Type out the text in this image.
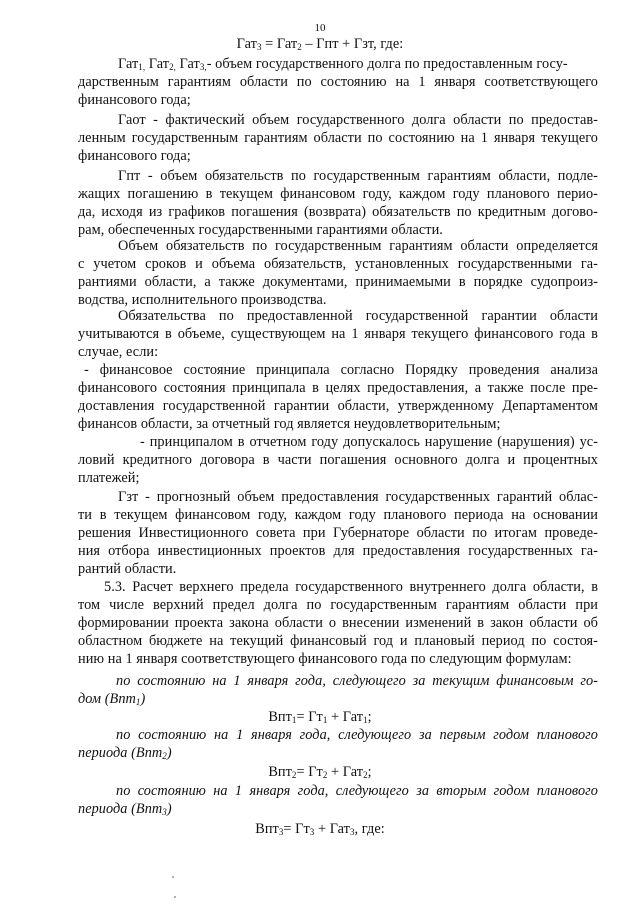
10
Гат$_3$ = Гат$_2$ – Гпт + Гзт, где:
Гат$_{1,}$ Гат$_{2,}$ Гат$_{3,}$- объем государственного долга по предоставленным госу-
дарственным гарантиям области по состоянию на 1 января соответствующего
финансового года;
Гаот - фактический объем государственного долга области по предостав-
ленным государственным гарантиям области по состоянию на 1 января текущего
финансового года;
Гпт - объем обязательств по государственным гарантиям области, подле-
жащих погашению в текущем финансовом году, каждом году планового перио-
да, исходя из графиков погашения (возврата) обязательств по кредитным догово-
рам, обеспеченных государственными гарантиями области.
Объем обязательств по государственным гарантиям области определяется
с учетом сроков и объема обязательств, установленных государственными га-
рантиями области, а также документами, принимаемыми в порядке судопроиз-
водства, исполнительного производства.
Обязательства по предоставленной государственной гарантии области
учитываются в объеме, существующем на 1 января текущего финансового года в
случае, если:
- финансовое состояние принципала согласно Порядку проведения анализа
финансового состояния принципала в целях предоставления, а также после пре-
доставления государственной гарантии области, утвержденному Департаментом
финансов области, за отчетный год является неудовлетворительным;
- принципалом в отчетном году допускалось нарушение (нарушения) ус-
ловий кредитного договора в части погашения основного долга и процентных
платежей;
Гзт - прогнозный объем предоставления государственных гарантий облас-
ти в текущем финансовом году, каждом году планового периода на основании
решения Инвестиционного совета при Губернаторе области по итогам проведе-
ния отбора инвестиционных проектов для предоставления государственных га-
рантий области.
5.3. Расчет верхнего предела государственного внутреннего долга области, в
том числе верхний предел долга по государственным гарантиям области при
формировании проекта закона области о внесении изменений в закон области об
областном бюджете на текущий финансовый год и плановый период по состоя-
нию на 1 января соответствующего финансового года по следующим формулам:
по состоянию на 1 января года, следующего за текущим финансовым го-
дом (Впт$_1$)
$Впт_1= Гт_1 + Гат_1$;
по состоянию на 1 января года, следующего за первым годом планового
периода (Впт$_2$)
$Впт_2= Гт_2 + Гат_2$;
по состоянию на 1 января года, следующего за вторым годом планового
периода (Впт$_3$)
$Впт_3= Гт_3 + Гат_3$, где:
